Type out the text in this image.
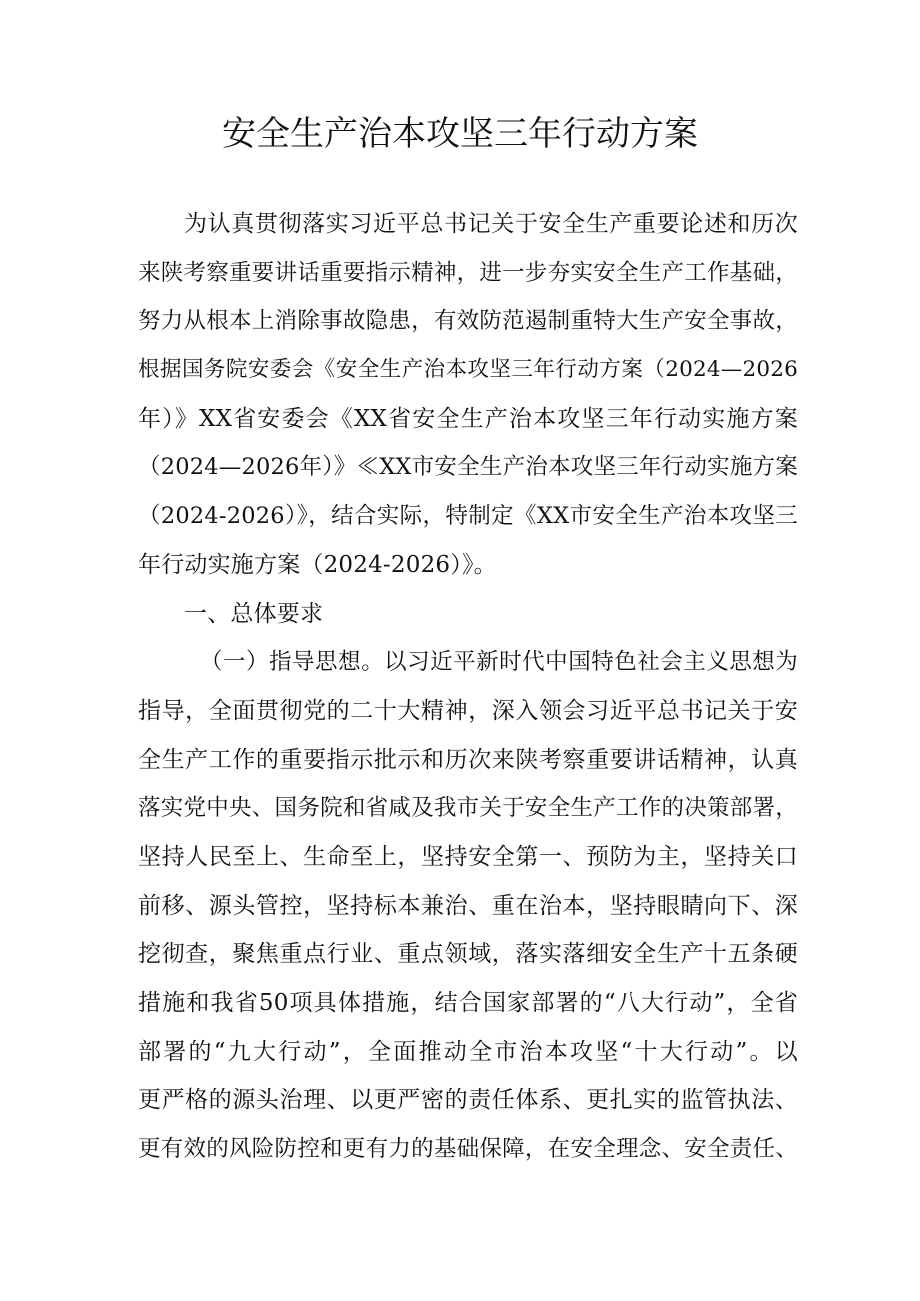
安全生产治本攻坚三年行动方案
为认真贯彻落实习近平总书记关于安全生产重要论述和历次
来陕考察重要讲话重要指示精神，进一步夯实安全生产工作基础，
努力从根本上消除事故隐患，有效防范遏制重特大生产安全事故，
根据国务院安委会《安全生产治本攻坚三年行动方案（2024—2026
年）》XX省安委会《XX省安全生产治本攻坚三年行动实施方案
（2024—2026年）》≪XX市安全生产治本攻坚三年行动实施方案
（2024-2026）》，结合实际，特制定《XX市安全生产治本攻坚三
年行动实施方案（2024-2026）》。
一、总体要求
（一）指导思想。以习近平新时代中国特色社会主义思想为
指导，全面贯彻党的二十大精神，深入领会习近平总书记关于安
全生产工作的重要指示批示和历次来陕考察重要讲话精神，认真
落实党中央、国务院和省咸及我市关于安全生产工作的决策部署，
坚持人民至上、生命至上，坚持安全第一、预防为主，坚持关口
前移、源头管控，坚持标本兼治、重在治本，坚持眼睛向下、深
挖彻查，聚焦重点行业、重点领域，落实落细安全生产十五条硬
措施和我省50项具体措施，结合国家部署的“八大行动”，全省
部署的“九大行动”，全面推动全市治本攻坚“十大行动”。以
更严格的源头治理、以更严密的责任体系、更扎实的监管执法、
更有效的风险防控和更有力的基础保障，在安全理念、安全责任、
